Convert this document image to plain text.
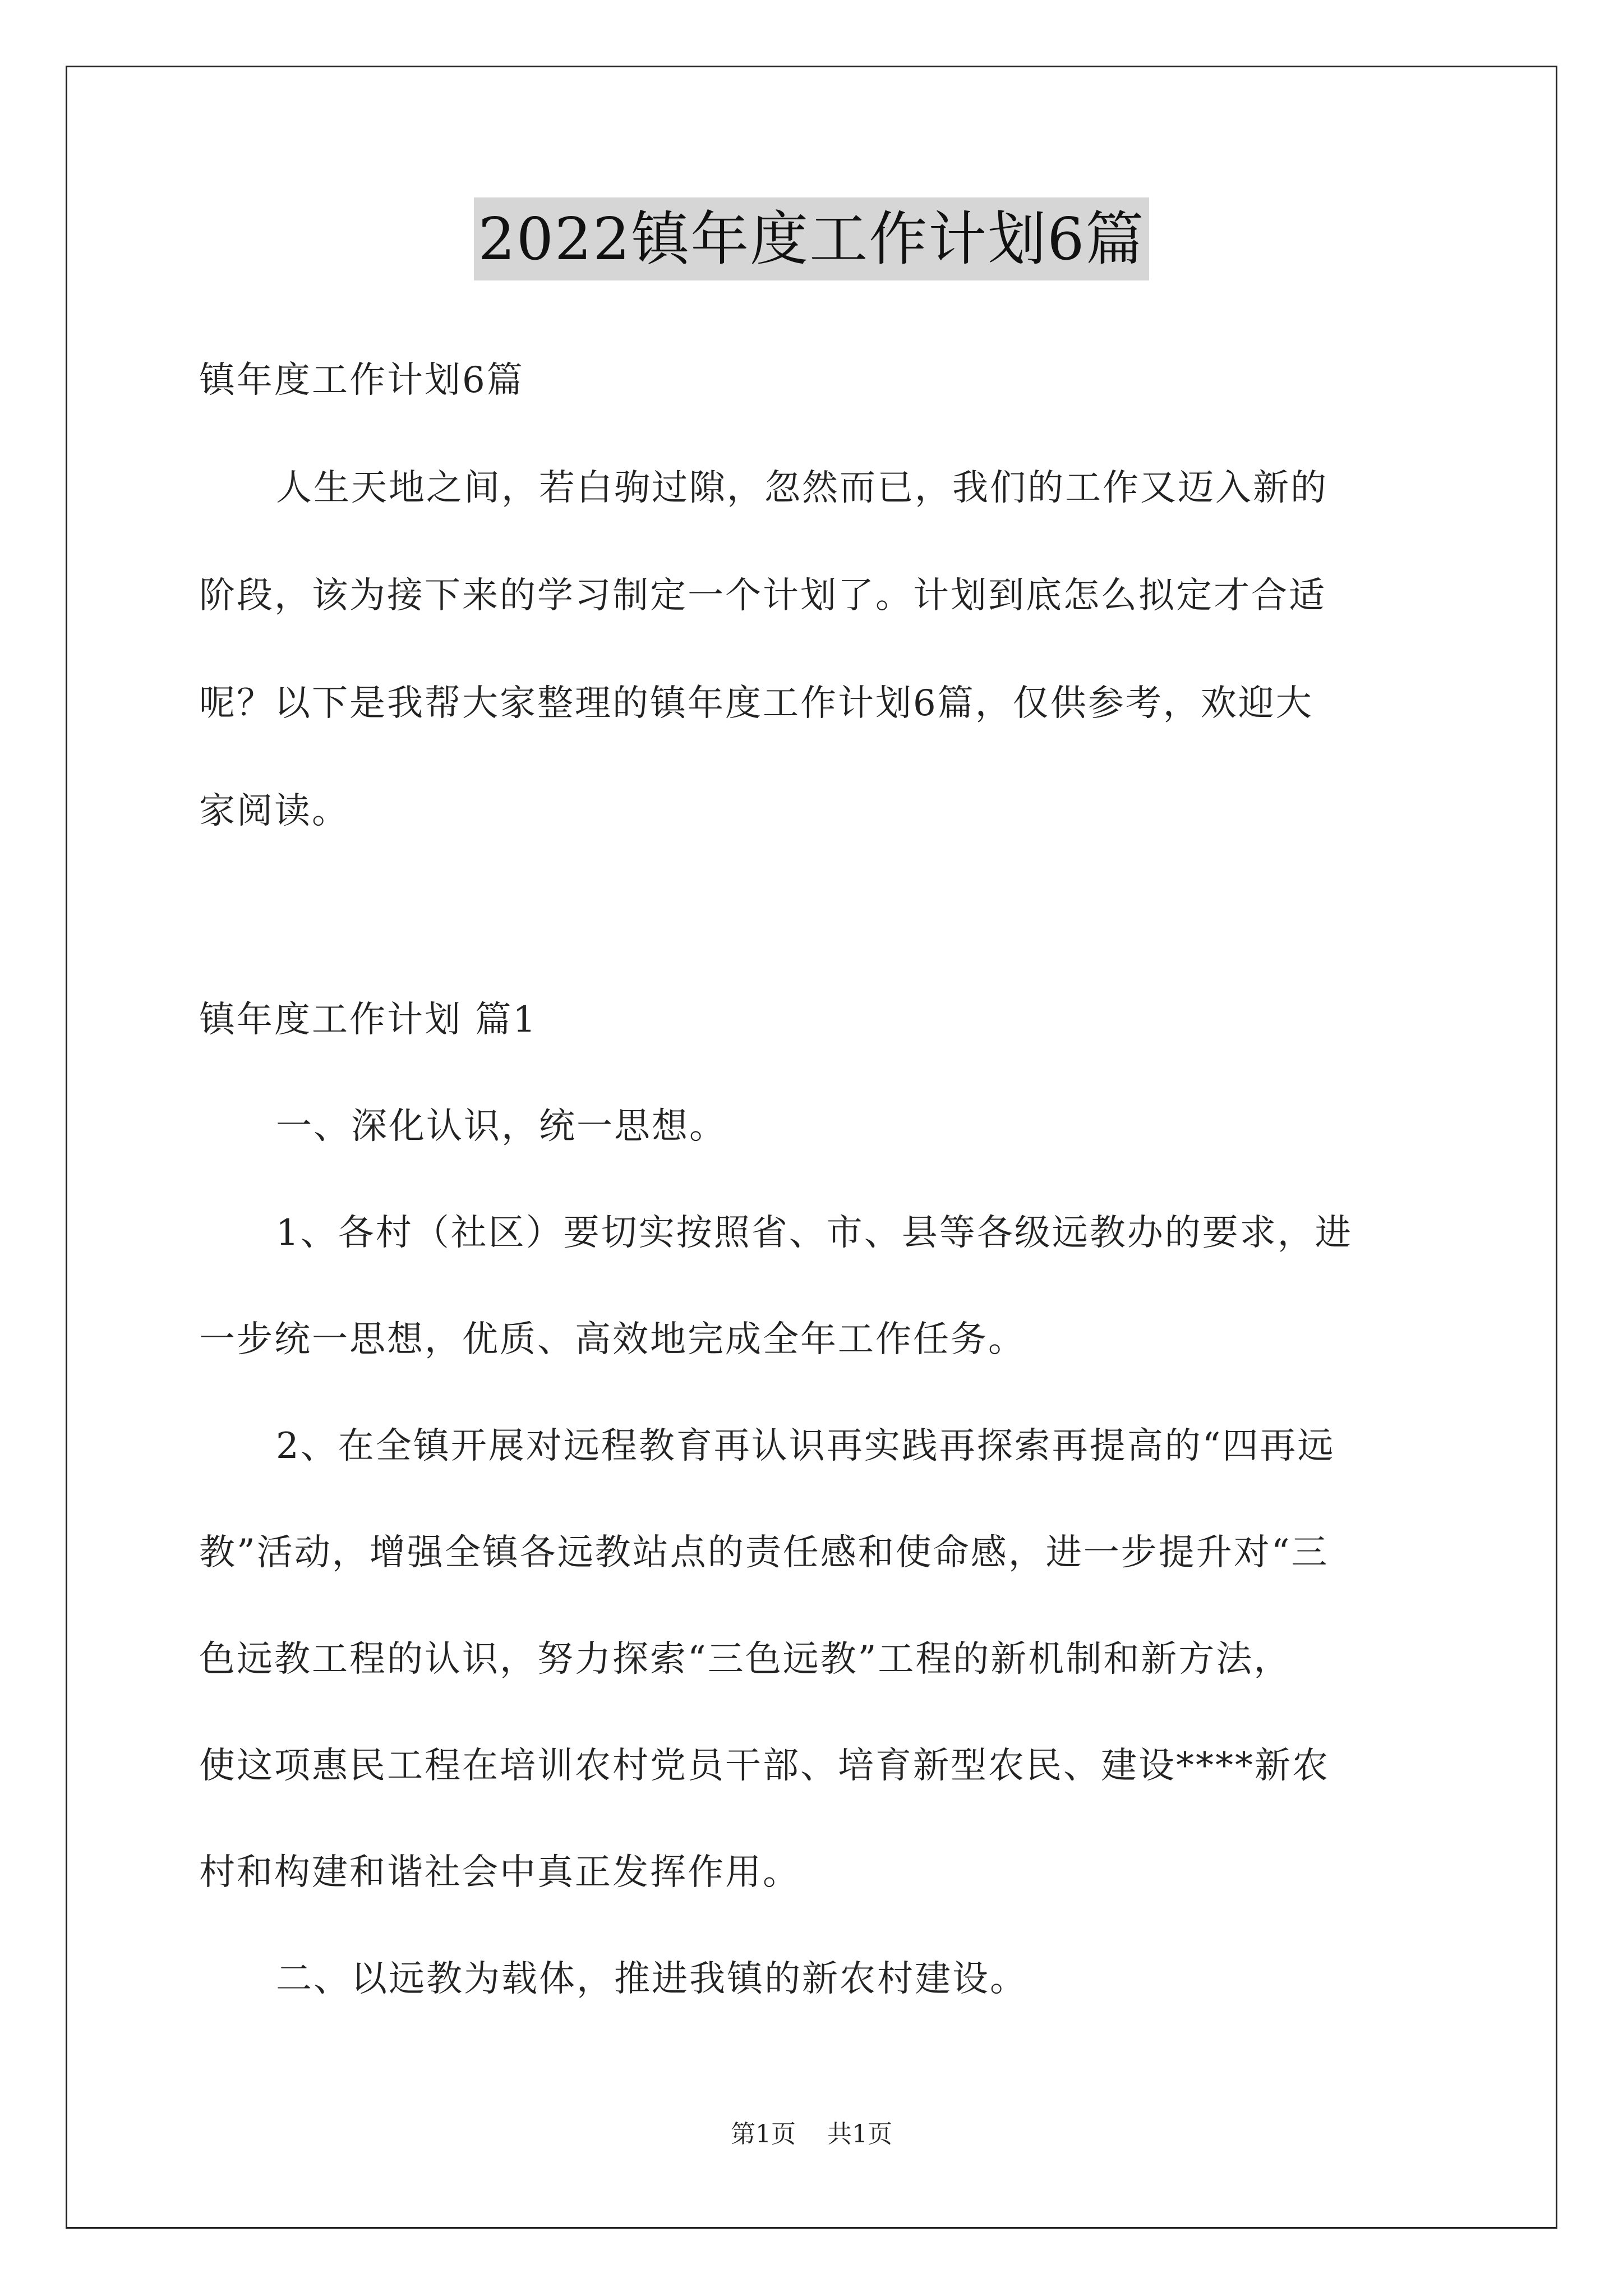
2022镇年度工作计划6篇

镇年度工作计划6篇

人生天地之间，若白驹过隙，忽然而已，我们的工作又迈入新的

阶段，该为接下来的学习制定一个计划了。计划到底怎么拟定才合适

呢？以下是我帮大家整理的镇年度工作计划6篇，仅供参考，欢迎大

家阅读。

镇年度工作计划 篇1

一、深化认识，统一思想。

1、各村（社区）要切实按照省、市、县等各级远教办的要求，进

一步统一思想，优质、高效地完成全年工作任务。

2、在全镇开展对远程教育再认识再实践再探索再提高的“四再远

教”活动，增强全镇各远教站点的责任感和使命感，进一步提升对“三

色远教工程的认识，努力探索“三色远教”工程的新机制和新方法，

使这项惠民工程在培训农村党员干部、培育新型农民、建设****新农

村和构建和谐社会中真正发挥作用。

二、以远教为载体，推进我镇的新农村建设。

第1页    共1页
